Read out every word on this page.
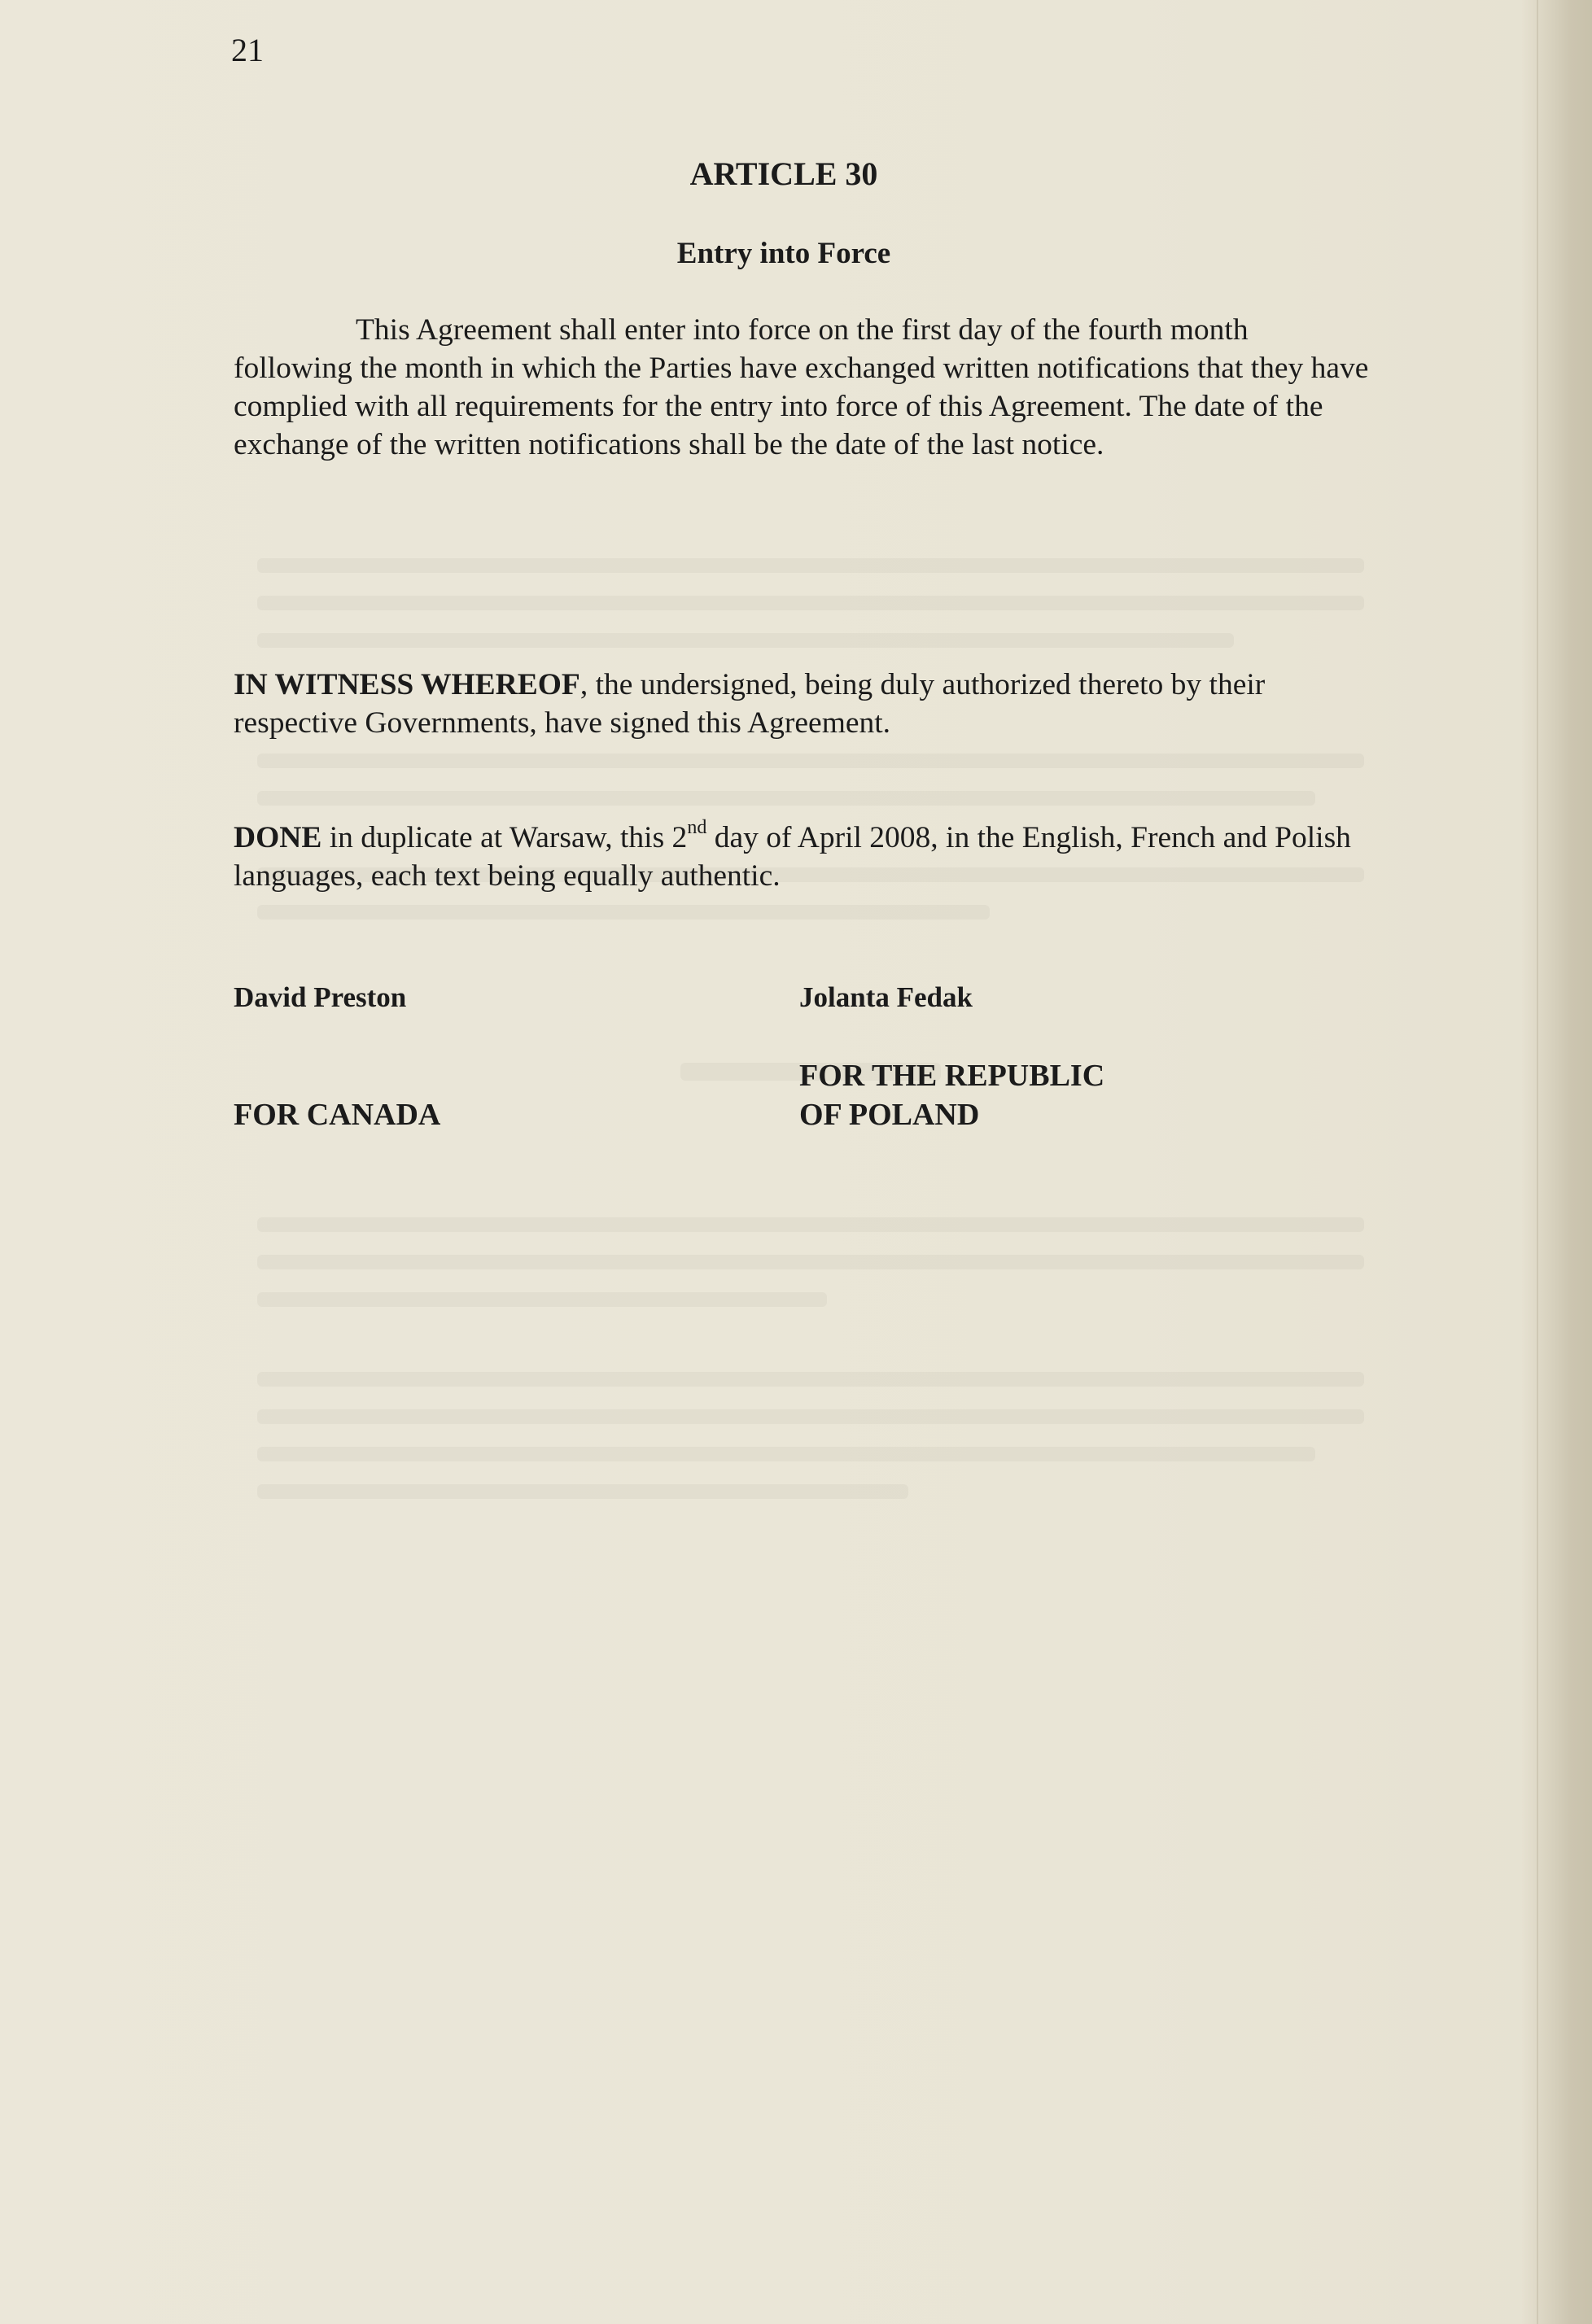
21
ARTICLE 30
Entry into Force
This Agreement shall enter into force on the first day of the fourth month following the month in which the Parties have exchanged written notifications that they have complied with all requirements for the entry into force of this Agreement. The date of the exchange of the written notifications shall be the date of the last notice.
IN WITNESS WHEREOF, the undersigned, being duly authorized thereto by their respective Governments, have signed this Agreement.
DONE in duplicate at Warsaw, this 2nd day of April 2008, in the English, French and Polish languages, each text being equally authentic.
David Preston	Jolanta Fedak
FOR CANADA
FOR THE REPUBLIC
OF POLAND
